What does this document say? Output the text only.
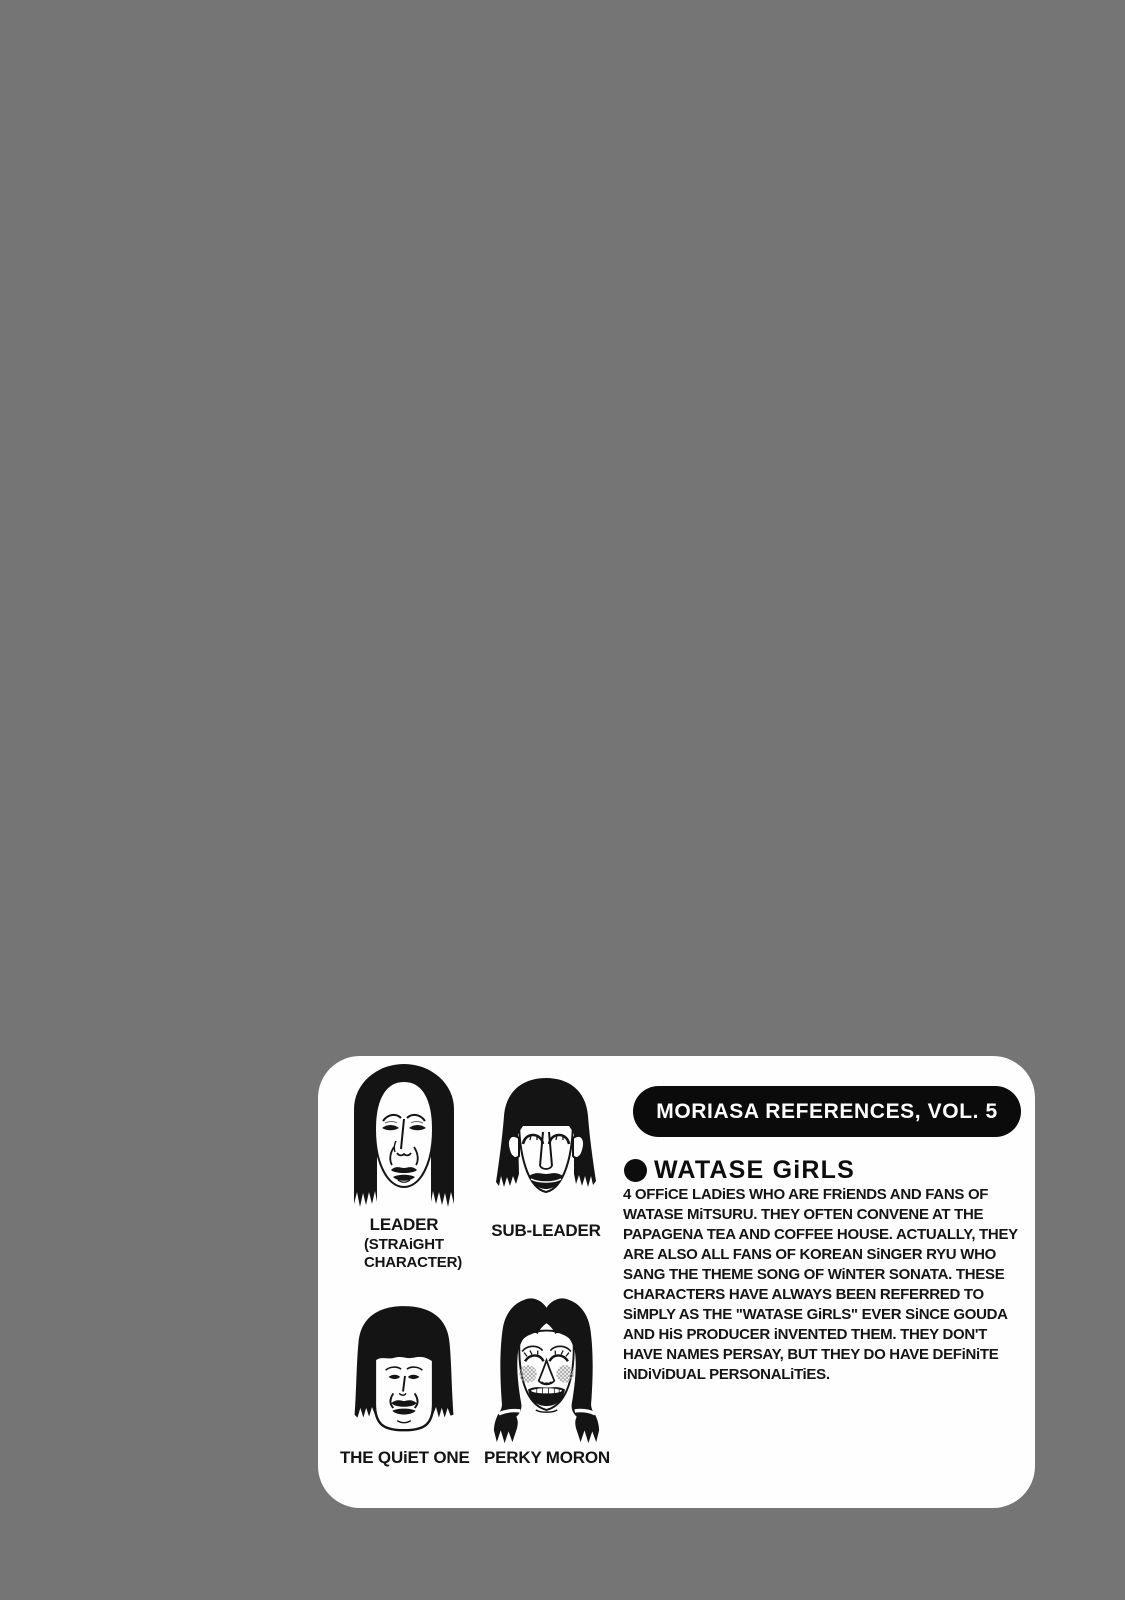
LEADER
(STRAiGHT CHARACTER)
SUB-LEADER
THE QUiET ONE PERKY MORON
MORIASA REFERENCES, VOL. 5
WATASE GiRLS

4 OFFiCE LADiES WHO ARE FRiENDS AND FANS OF WATASE MiTSURU. THEY OFTEN CONVENE AT THE PAPAGENA TEA AND COFFEE HOUSE. ACTUALLY, THEY ARE ALSO ALL FANS OF KOREAN SiNGER RYU WHO SANG THE THEME SONG OF WiNTER SONATA. THESE CHARACTERS HAVE ALWAYS BEEN REFERRED TO SiMPLY AS THE "WATASE GiRLS" EVER SiNCE GOUDA AND HiS PRODUCER iNVENTED THEM. THEY DON'T HAVE NAMES PERSAY, BUT THEY DO HAVE DEFiNiTE iNDiViDUAL PERSONALiTiES.
